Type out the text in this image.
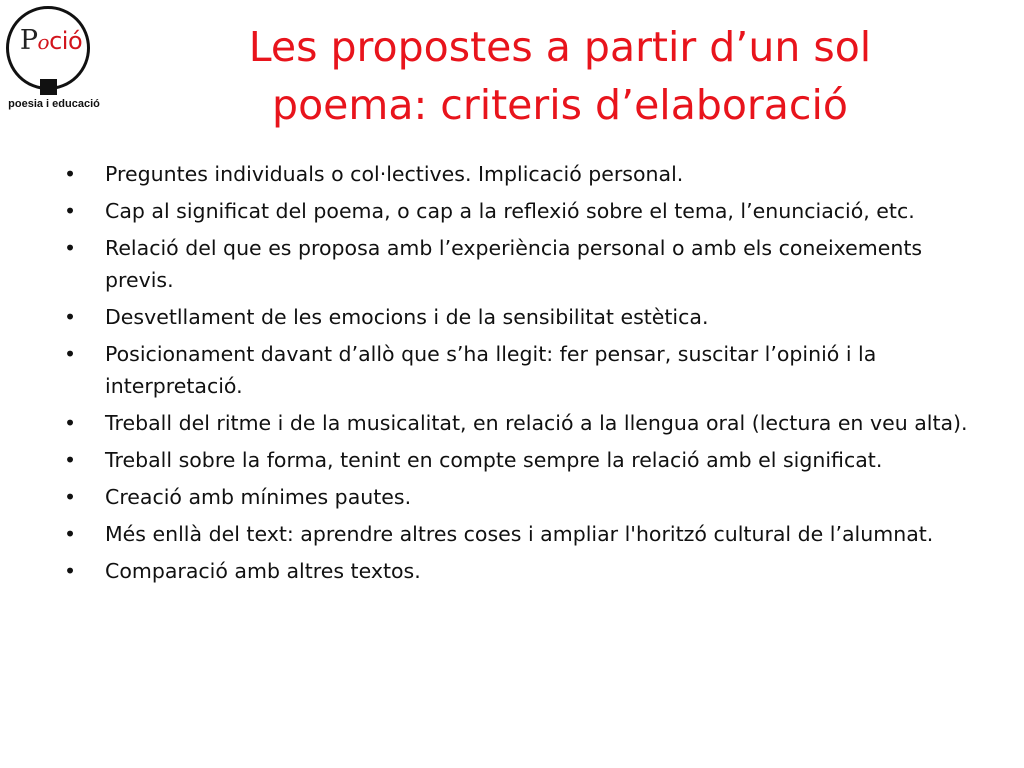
Poció
poesia i educació
Les propostes a partir d’un sol
poema: criteris d’elaboració
•	Preguntes individuals o col·lectives. Implicació personal.
•	Cap al significat del poema, o cap a la reflexió sobre el tema, l’enunciació, etc.
•	Relació del que es proposa amb l’experiència personal o amb els coneixements previs.
•	Desvetllament de les emocions i de la sensibilitat estètica.
•	Posicionament davant d’allò que s’ha llegit: fer pensar, suscitar l’opinió i la interpretació.
•	Treball del ritme i de la musicalitat, en relació a la llengua oral (lectura en veu alta).
•	Treball sobre la forma, tenint en compte sempre la relació amb el significat.
•	Creació amb mínimes pautes.
•	Més enllà del text: aprendre altres coses i ampliar l'horitzó cultural de l’alumnat.
•	Comparació amb altres textos.
